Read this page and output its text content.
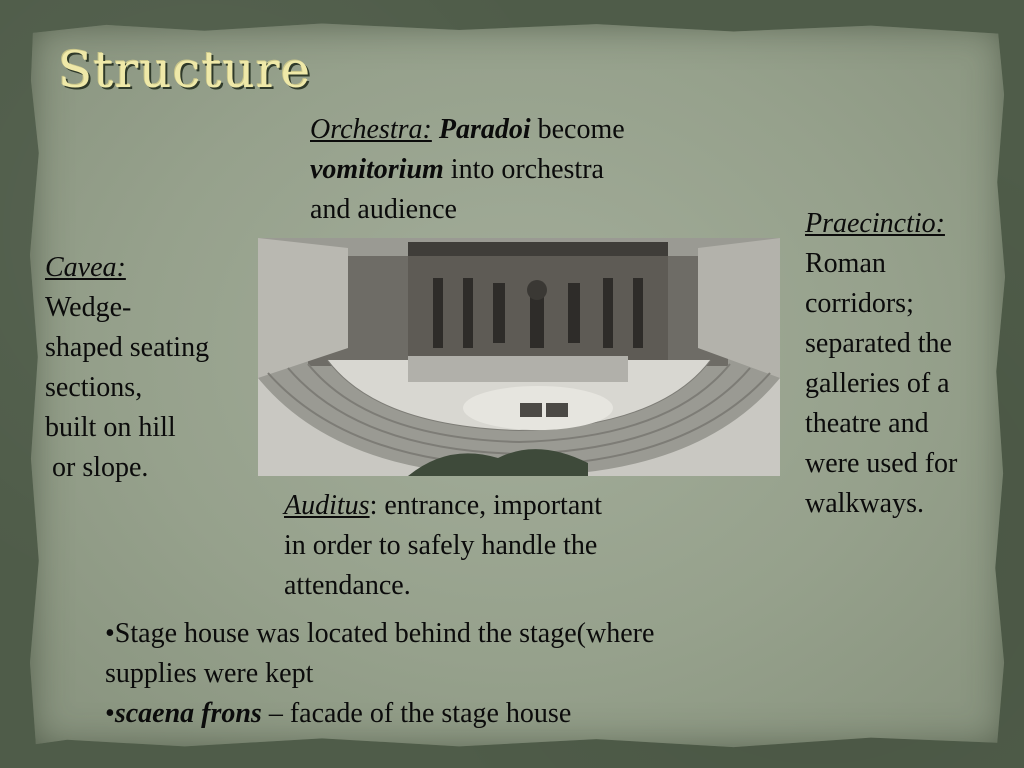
Structure
Orchestra: Paradoi become
vomitorium into orchestra
and audience
Cavea:
Wedge-
shaped seating
sections,
built on hill
or slope.
Praecinctio:
Roman
corridors;
separated the
galleries of a
theatre and
were used for
walkways.
Auditus: entrance, important
in order to safely handle the
attendance.
•Stage house was located behind the stage(where
supplies were kept
•scaena frons – facade of the stage house
